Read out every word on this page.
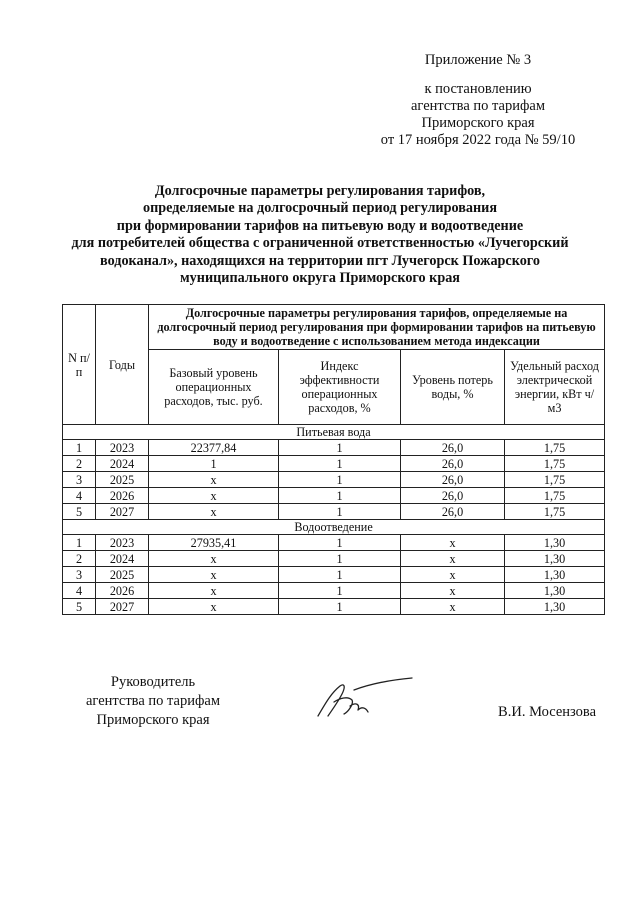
Приложение № 3
к постановлению
агентства по тарифам
Приморского края
от 17 ноября 2022 года № 59/10
Долгосрочные параметры регулирования тарифов,
определяемые на долгосрочный период регулирования
при формировании тарифов на питьевую воду и водоотведение
для потребителей общества с ограниченной ответственностью «Лучегорский
водоканал», находящихся на территории пгт Лучегорск Пожарского
муниципального округа Приморского края
N п/п	Годы	Долгосрочные параметры регулирования тарифов, определяемые на долгосрочный период регулирования при формировании тарифов на питьевую воду и водоотведение с использованием метода индексации			
		Базовый уровень операционных расходов, тыс. руб.	Индекс эффективности операционных расходов, %	Уровень потерь воды, %	Удельный расход электрической энергии, кВт ч/м3
Питьевая вода					
1	2023	22377,84	1	26,0	1,75
2	2024	1	1	26,0	1,75
3	2025	х	1	26,0	1,75
4	2026	х	1	26,0	1,75
5	2027	х	1	26,0	1,75
Водоотведение					
1	2023	27935,41	1	х	1,30
2	2024	х	1	х	1,30
3	2025	х	1	х	1,30
4	2026	х	1	х	1,30
5	2027	х	1	х	1,30
Руководитель
агентства по тарифам
Приморского края	В.И. Мосензова
